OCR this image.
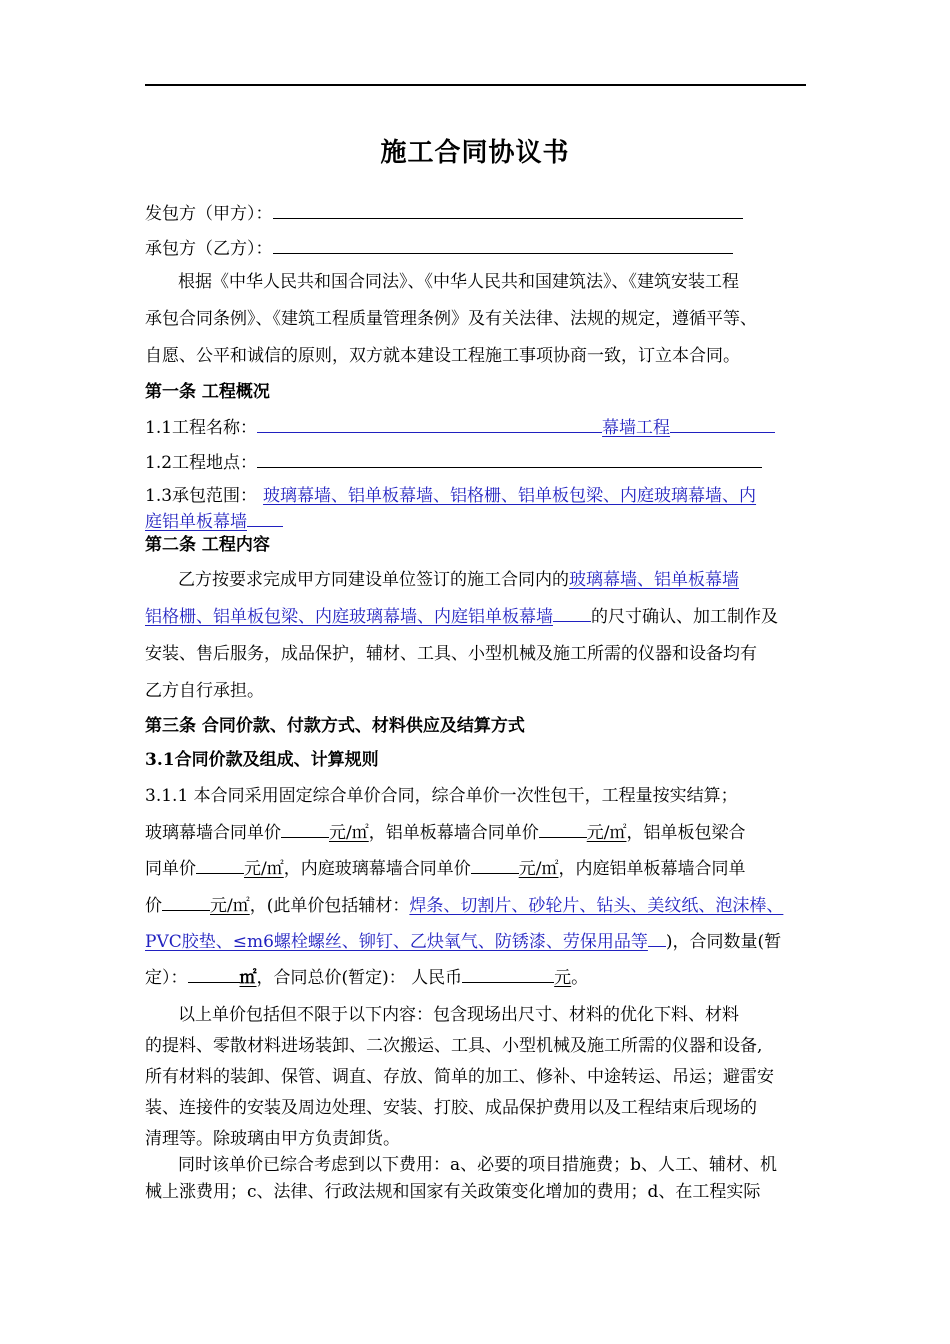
施工合同协议书
发包方（甲方）：
承包方（乙方）：
根据《中华人民共和国合同法》、《中华人民共和国建筑法》、《建筑安装工程
承包合同条例》、《建筑工程质量管理条例》及有关法律、法规的规定，遵循平等、
自愿、公平和诚信的原则，双方就本建设工程施工事项协商一致，订立本合同。
第一条 工程概况
1.1工程名称：	幕墙工程
1.2工程地点：
1.3承包范围： 玻璃幕墙、铝单板幕墙、铝格栅、铝单板包梁、内庭玻璃幕墙、内
庭铝单板幕墙
第二条 工程内容
乙方按要求完成甲方同建设单位签订的施工合同内的玻璃幕墙、铝单板幕墙
铝格栅、铝单板包梁、内庭玻璃幕墙、内庭铝单板幕墙 的尺寸确认、加工制作及
安装、售后服务，成品保护，辅材、工具、小型机械及施工所需的仪器和设备均有
乙方自行承担。
第三条 合同价款、付款方式、材料供应及结算方式
3.1合同价款及组成、计算规则
3.1.1 本合同采用固定综合单价合同，综合单价一次性包干，工程量按实结算；
玻璃幕墙合同单价	元/㎡，铝单板幕墙合同单价	元/㎡，铝单板包梁合
同单价	元/㎡，内庭玻璃幕墙合同单价	元/㎡，内庭铝单板幕墙合同单
价	元/㎡，(此单价包括辅材：焊条、切割片、砂轮片、钻头、美纹纸、泡沫棒、
PVC胶垫、≤m6螺栓螺丝、铆钉、乙炔氧气、防锈漆、劳保用品等 )，合同数量(暂
定）：	㎡，合同总价(暂定)： 人民币	元。
以上单价包括但不限于以下内容：包含现场出尺寸、材料的优化下料、材料
的提料、零散材料进场装卸、二次搬运、工具、小型机械及施工所需的仪器和设备,
所有材料的装卸、保管、调直、存放、简单的加工、修补、中途转运、吊运；避雷安
装、连接件的安装及周边处理、安装、打胶、成品保护费用以及工程结束后现场的
清理等。除玻璃由甲方负责卸货。
同时该单价已综合考虑到以下费用：a、必要的项目措施费；b、人工、辅材、机
械上涨费用；c、法律、行政法规和国家有关政策变化增加的费用；d、在工程实际
